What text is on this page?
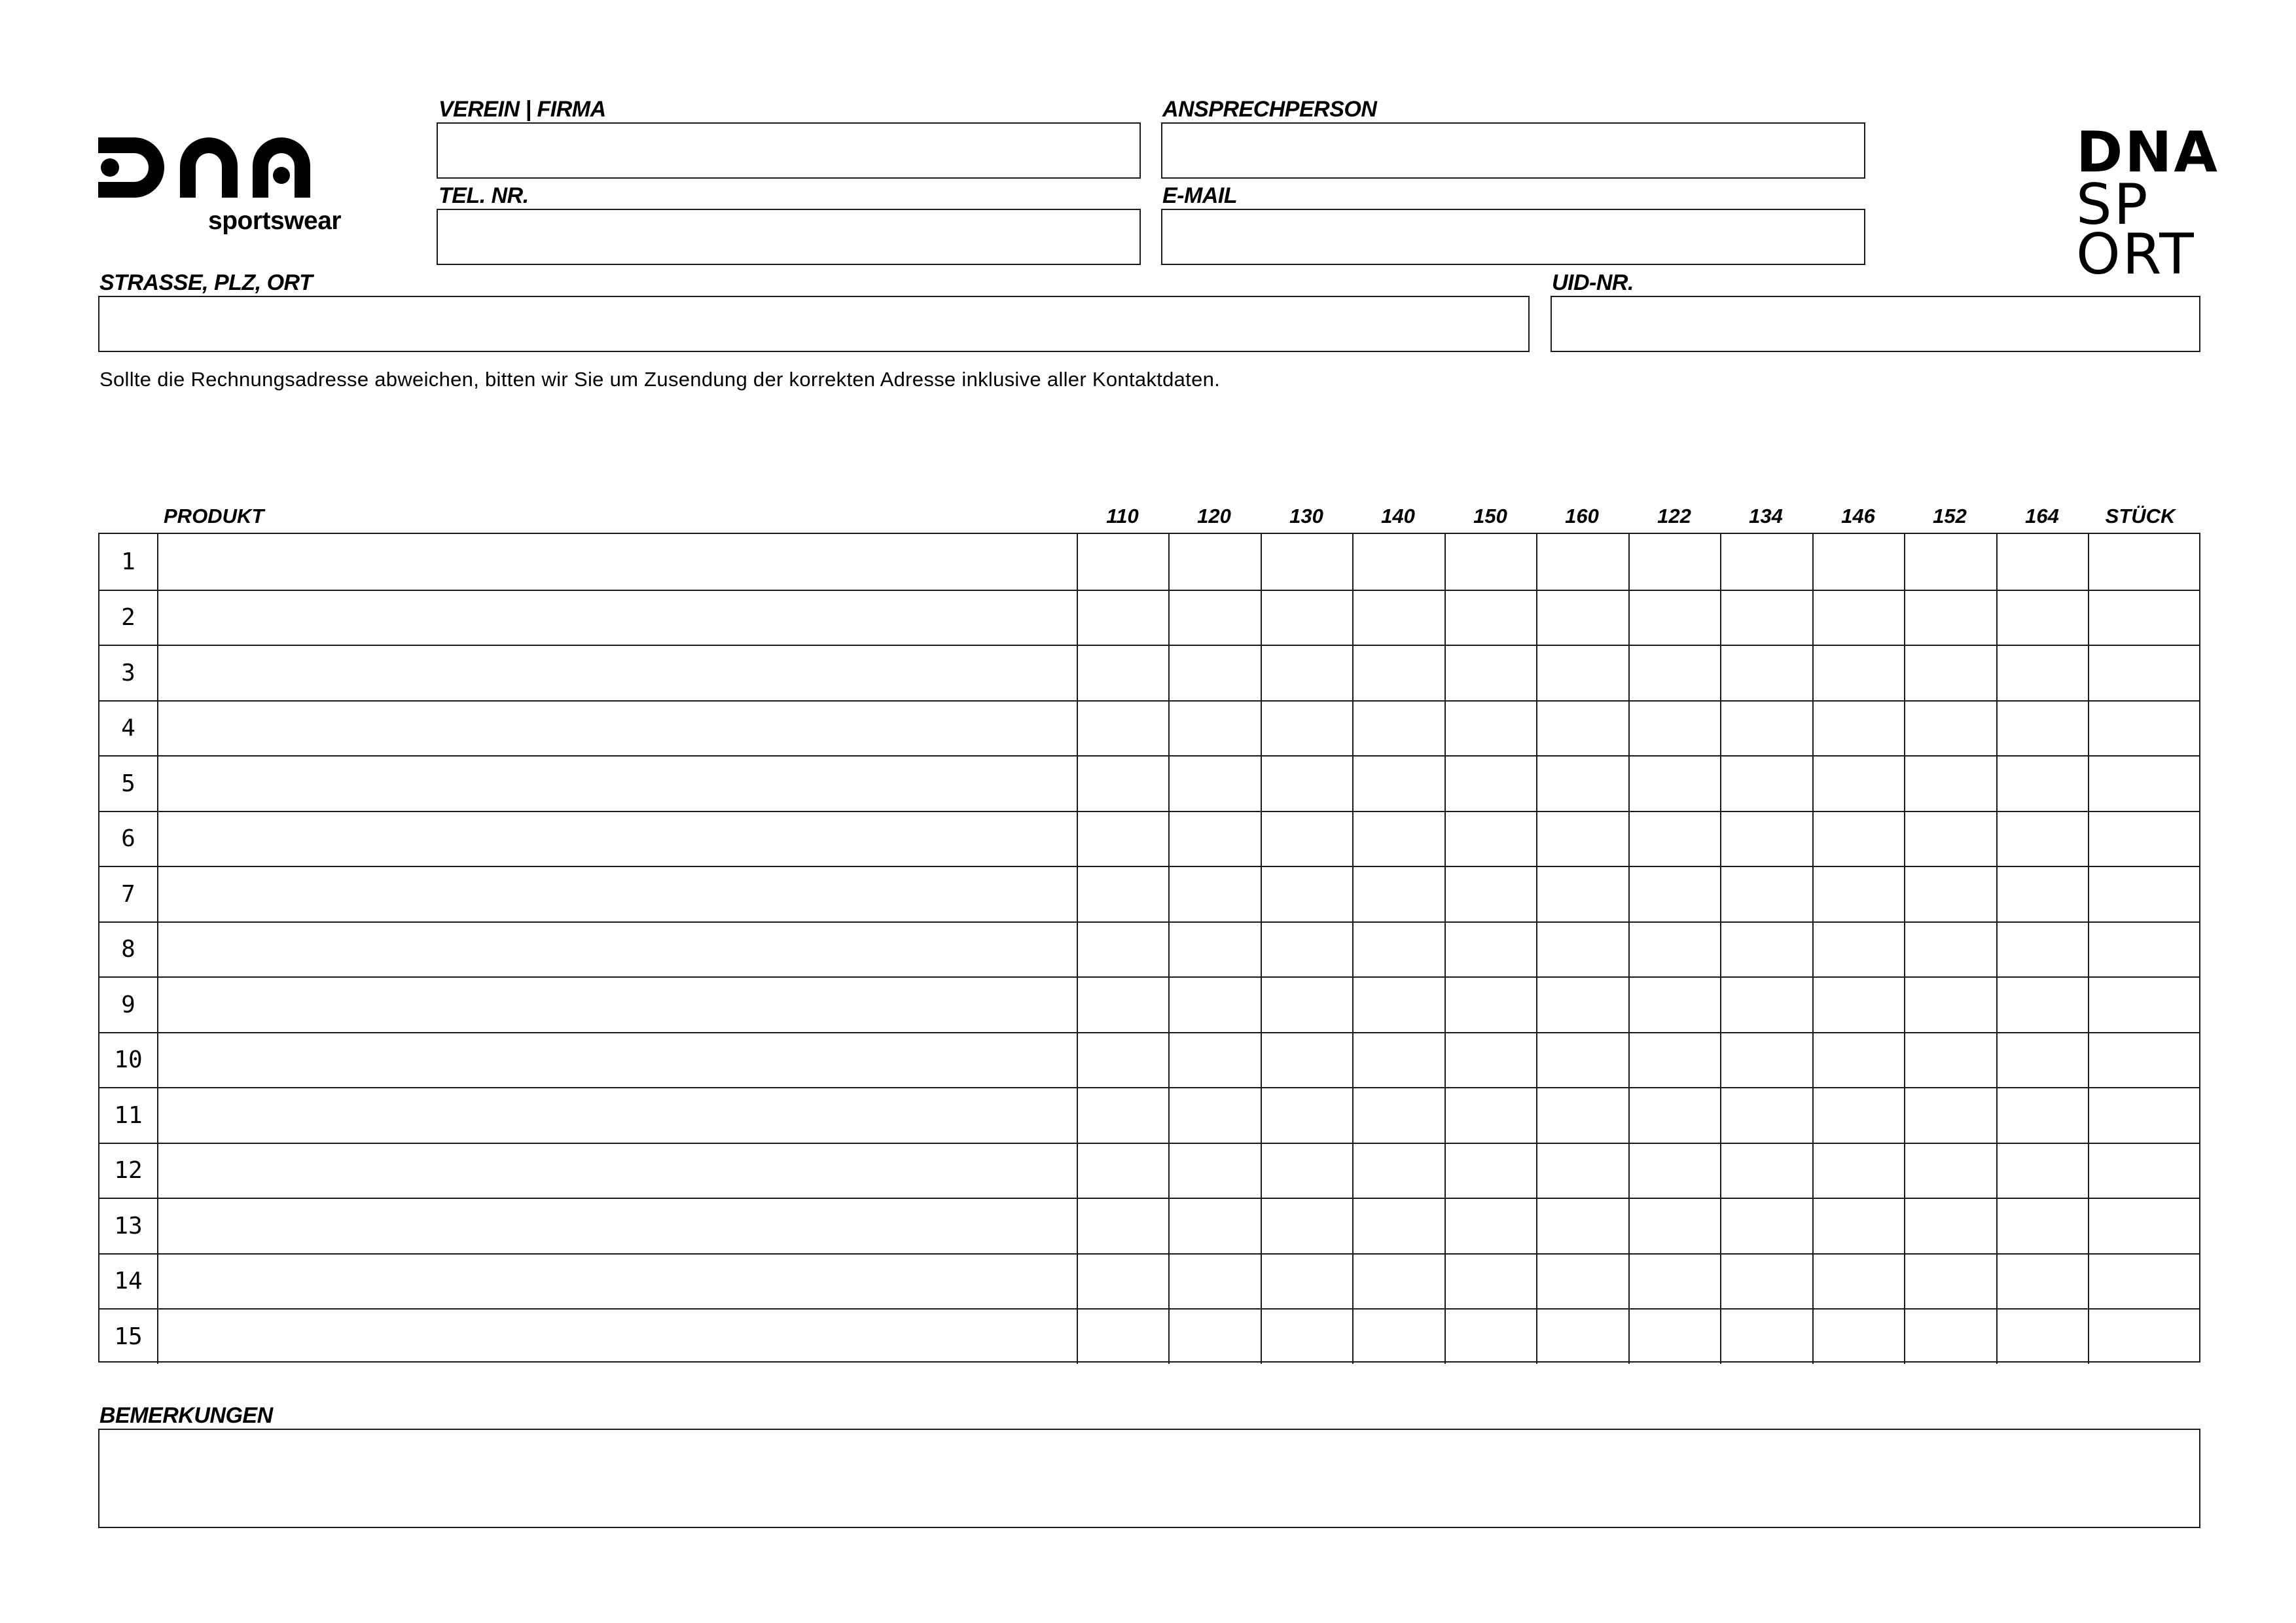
sportswear
DNA
SP
ORT
VEREIN | FIRMA	ANSPRECHPERSON
TEL. NR.	E-MAIL
STRASSE, PLZ, ORT	UID-NR.
Sollte die Rechnungsadresse abweichen, bitten wir Sie um Zusendung der korrekten Adresse inklusive aller Kontaktdaten.
PRODUKT	110	120	130	140	150	160	122	134	146	152	164	STÜCK
1
2
3
4
5
6
7
8
9
10
11
12
13
14
15
BEMERKUNGEN
